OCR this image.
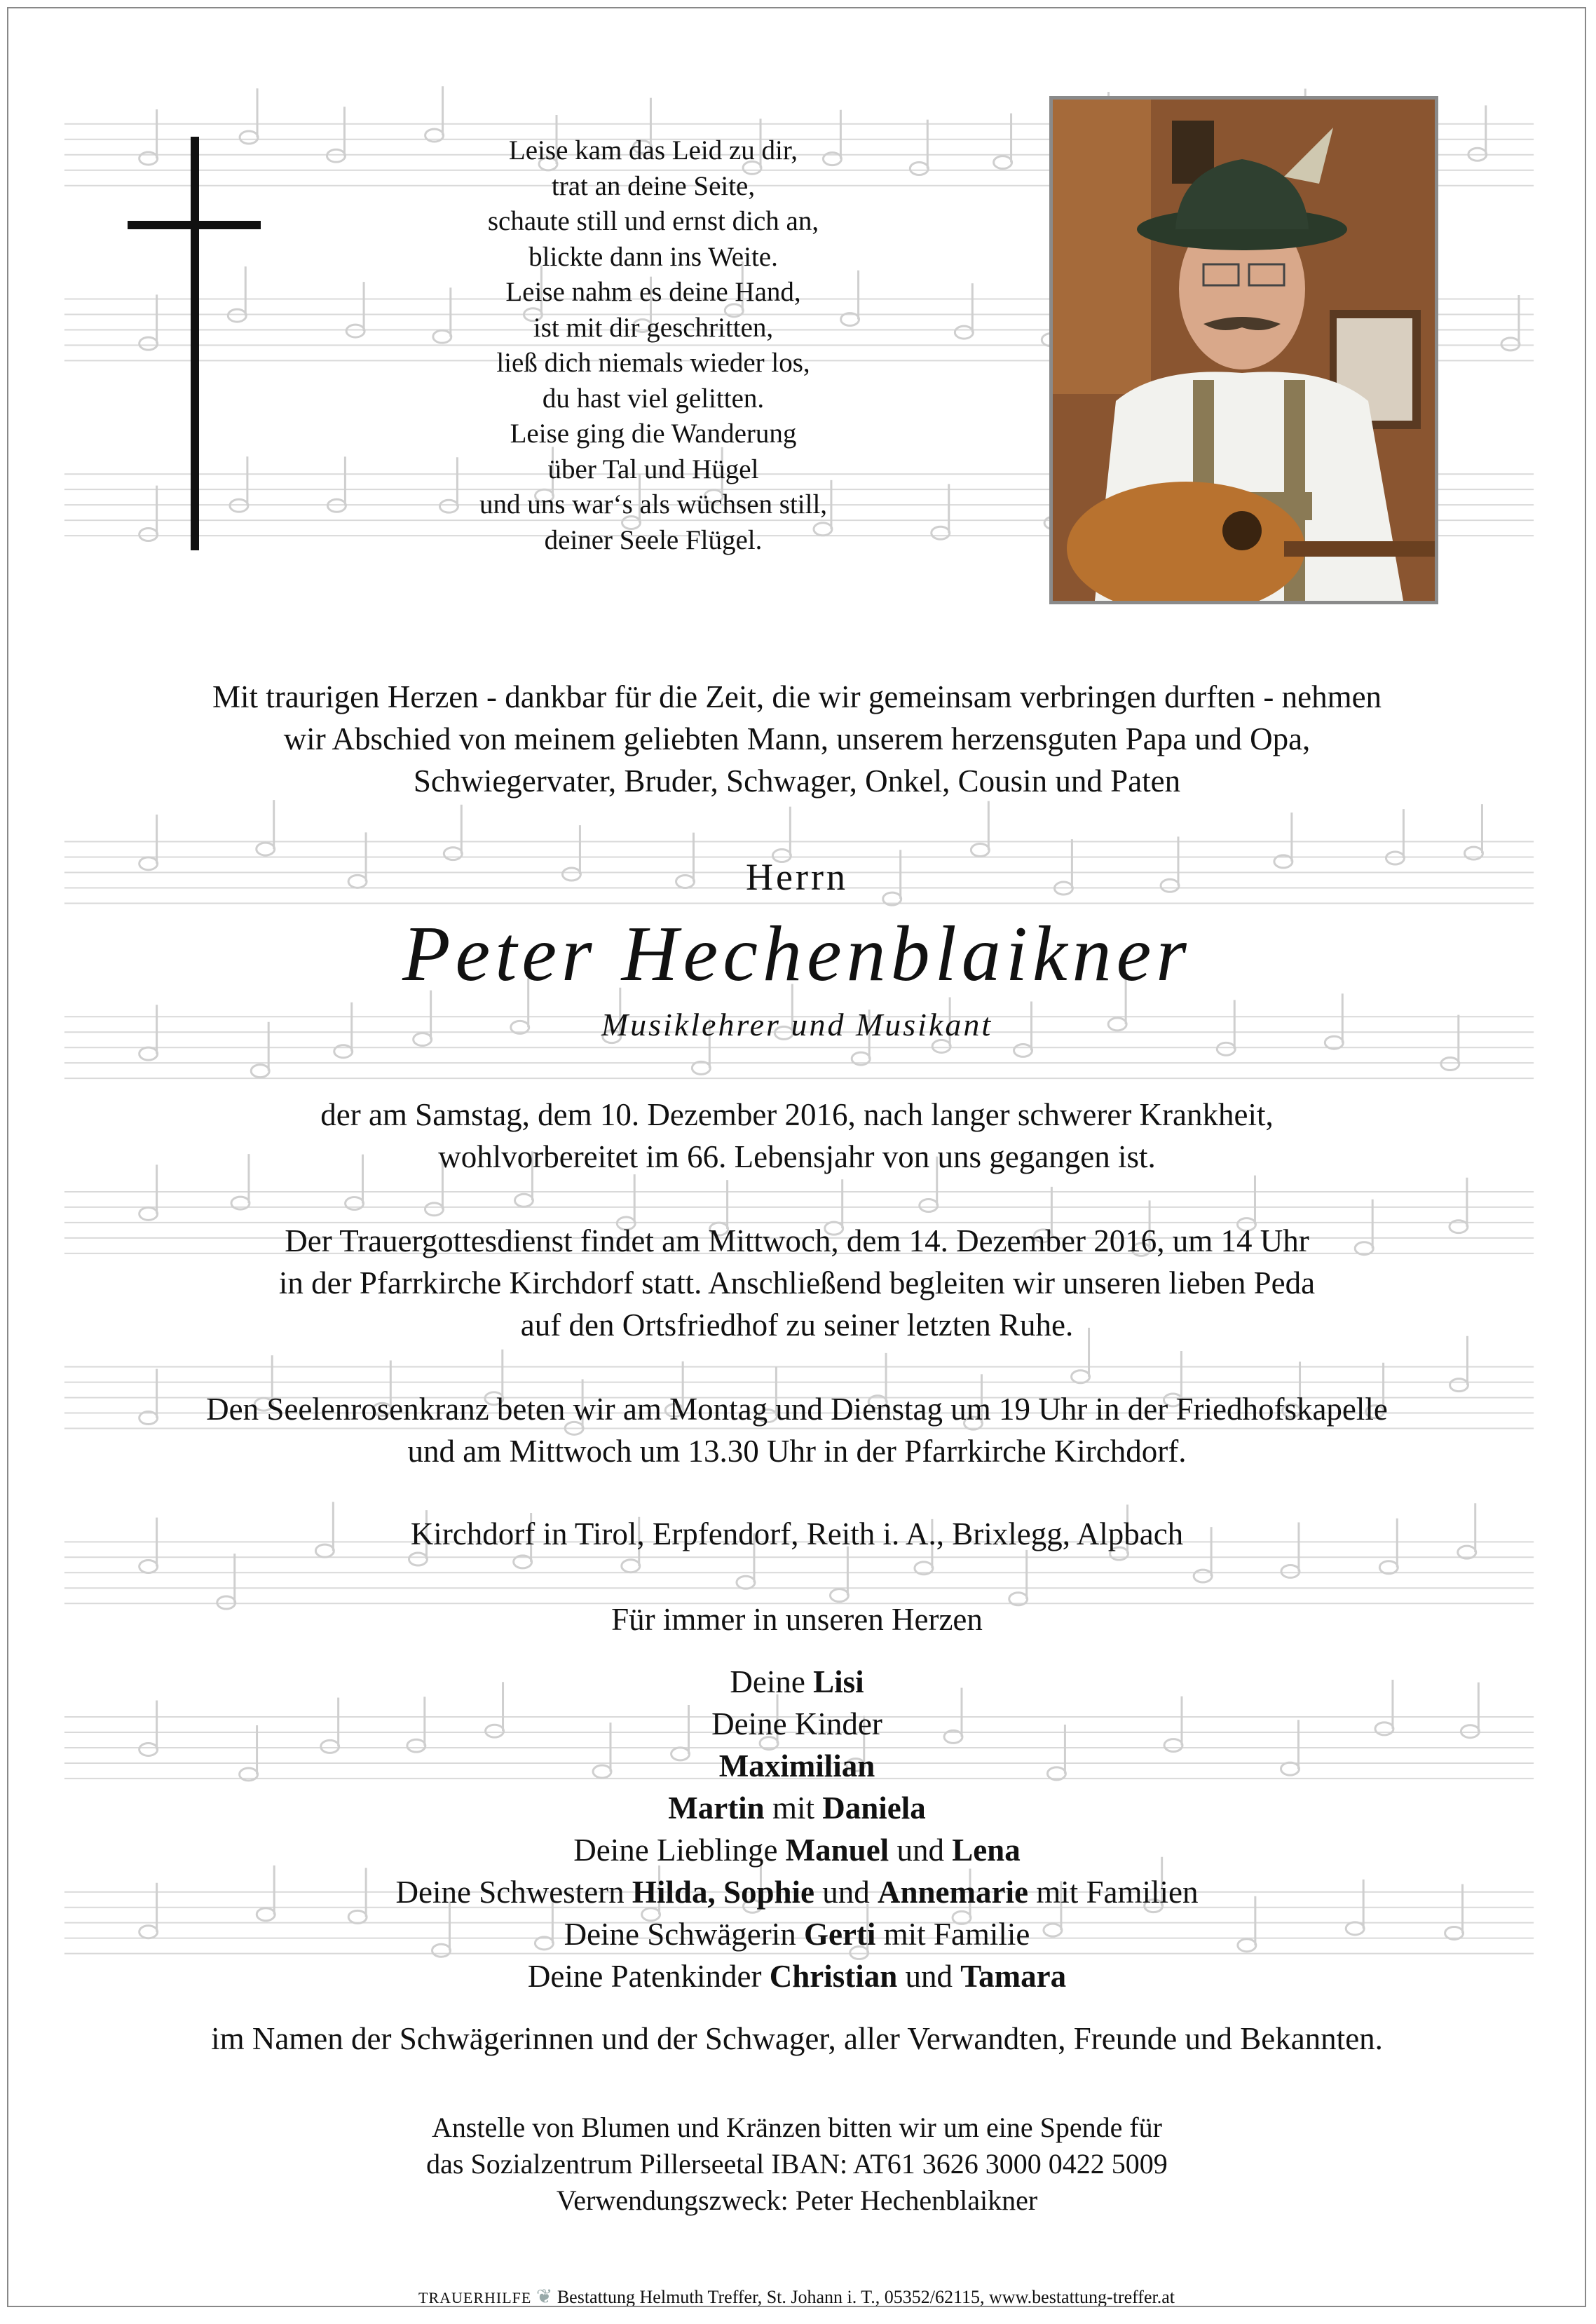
Leise kam das Leid zu dir,
trat an deine Seite,
schaute still und ernst dich an,
blickte dann ins Weite.
Leise nahm es deine Hand,
ist mit dir geschritten,
ließ dich niemals wieder los,
du hast viel gelitten.
Leise ging die Wanderung
über Tal und Hügel
und uns war‘s als wüchsen still,
deiner Seele Flügel.
Mit traurigen Herzen - dankbar für die Zeit, die wir gemeinsam verbringen durften - nehmen
wir Abschied von meinem geliebten Mann, unserem herzensguten Papa und Opa,
Schwiegervater, Bruder, Schwager, Onkel, Cousin und Paten
Herrn
Peter Hechenblaikner
Musiklehrer und Musikant
der am Samstag, dem 10. Dezember 2016, nach langer schwerer Krankheit,
wohlvorbereitet im 66. Lebensjahr von uns gegangen ist.
Der Trauergottesdienst findet am Mittwoch, dem 14. Dezember 2016, um 14 Uhr
in der Pfarrkirche Kirchdorf statt. Anschließend begleiten wir unseren lieben Peda
auf den Ortsfriedhof zu seiner letzten Ruhe.
Den Seelenrosenkranz beten wir am Montag und Dienstag um 19 Uhr in der Friedhofskapelle
und am Mittwoch um 13.30 Uhr in der Pfarrkirche Kirchdorf.
Kirchdorf in Tirol, Erpfendorf, Reith i. A., Brixlegg, Alpbach
Für immer in unseren Herzen
Deine Lisi
Deine Kinder
Maximilian
Martin mit Daniela
Deine Lieblinge Manuel und Lena
Deine Schwestern Hilda, Sophie und Annemarie mit Familien
Deine Schwägerin Gerti mit Familie
Deine Patenkinder Christian und Tamara
im Namen der Schwägerinnen und der Schwager, aller Verwandten, Freunde und Bekannten.
Anstelle von Blumen und Kränzen bitten wir um eine Spende für
das Sozialzentrum Pillerseetal IBAN: AT61 3626 3000 0422 5009
Verwendungszweck: Peter Hechenblaikner
TRAUERHILFE ❦ Bestattung Helmuth Treffer, St. Johann i. T., 05352/62115, www.bestattung-treffer.at
